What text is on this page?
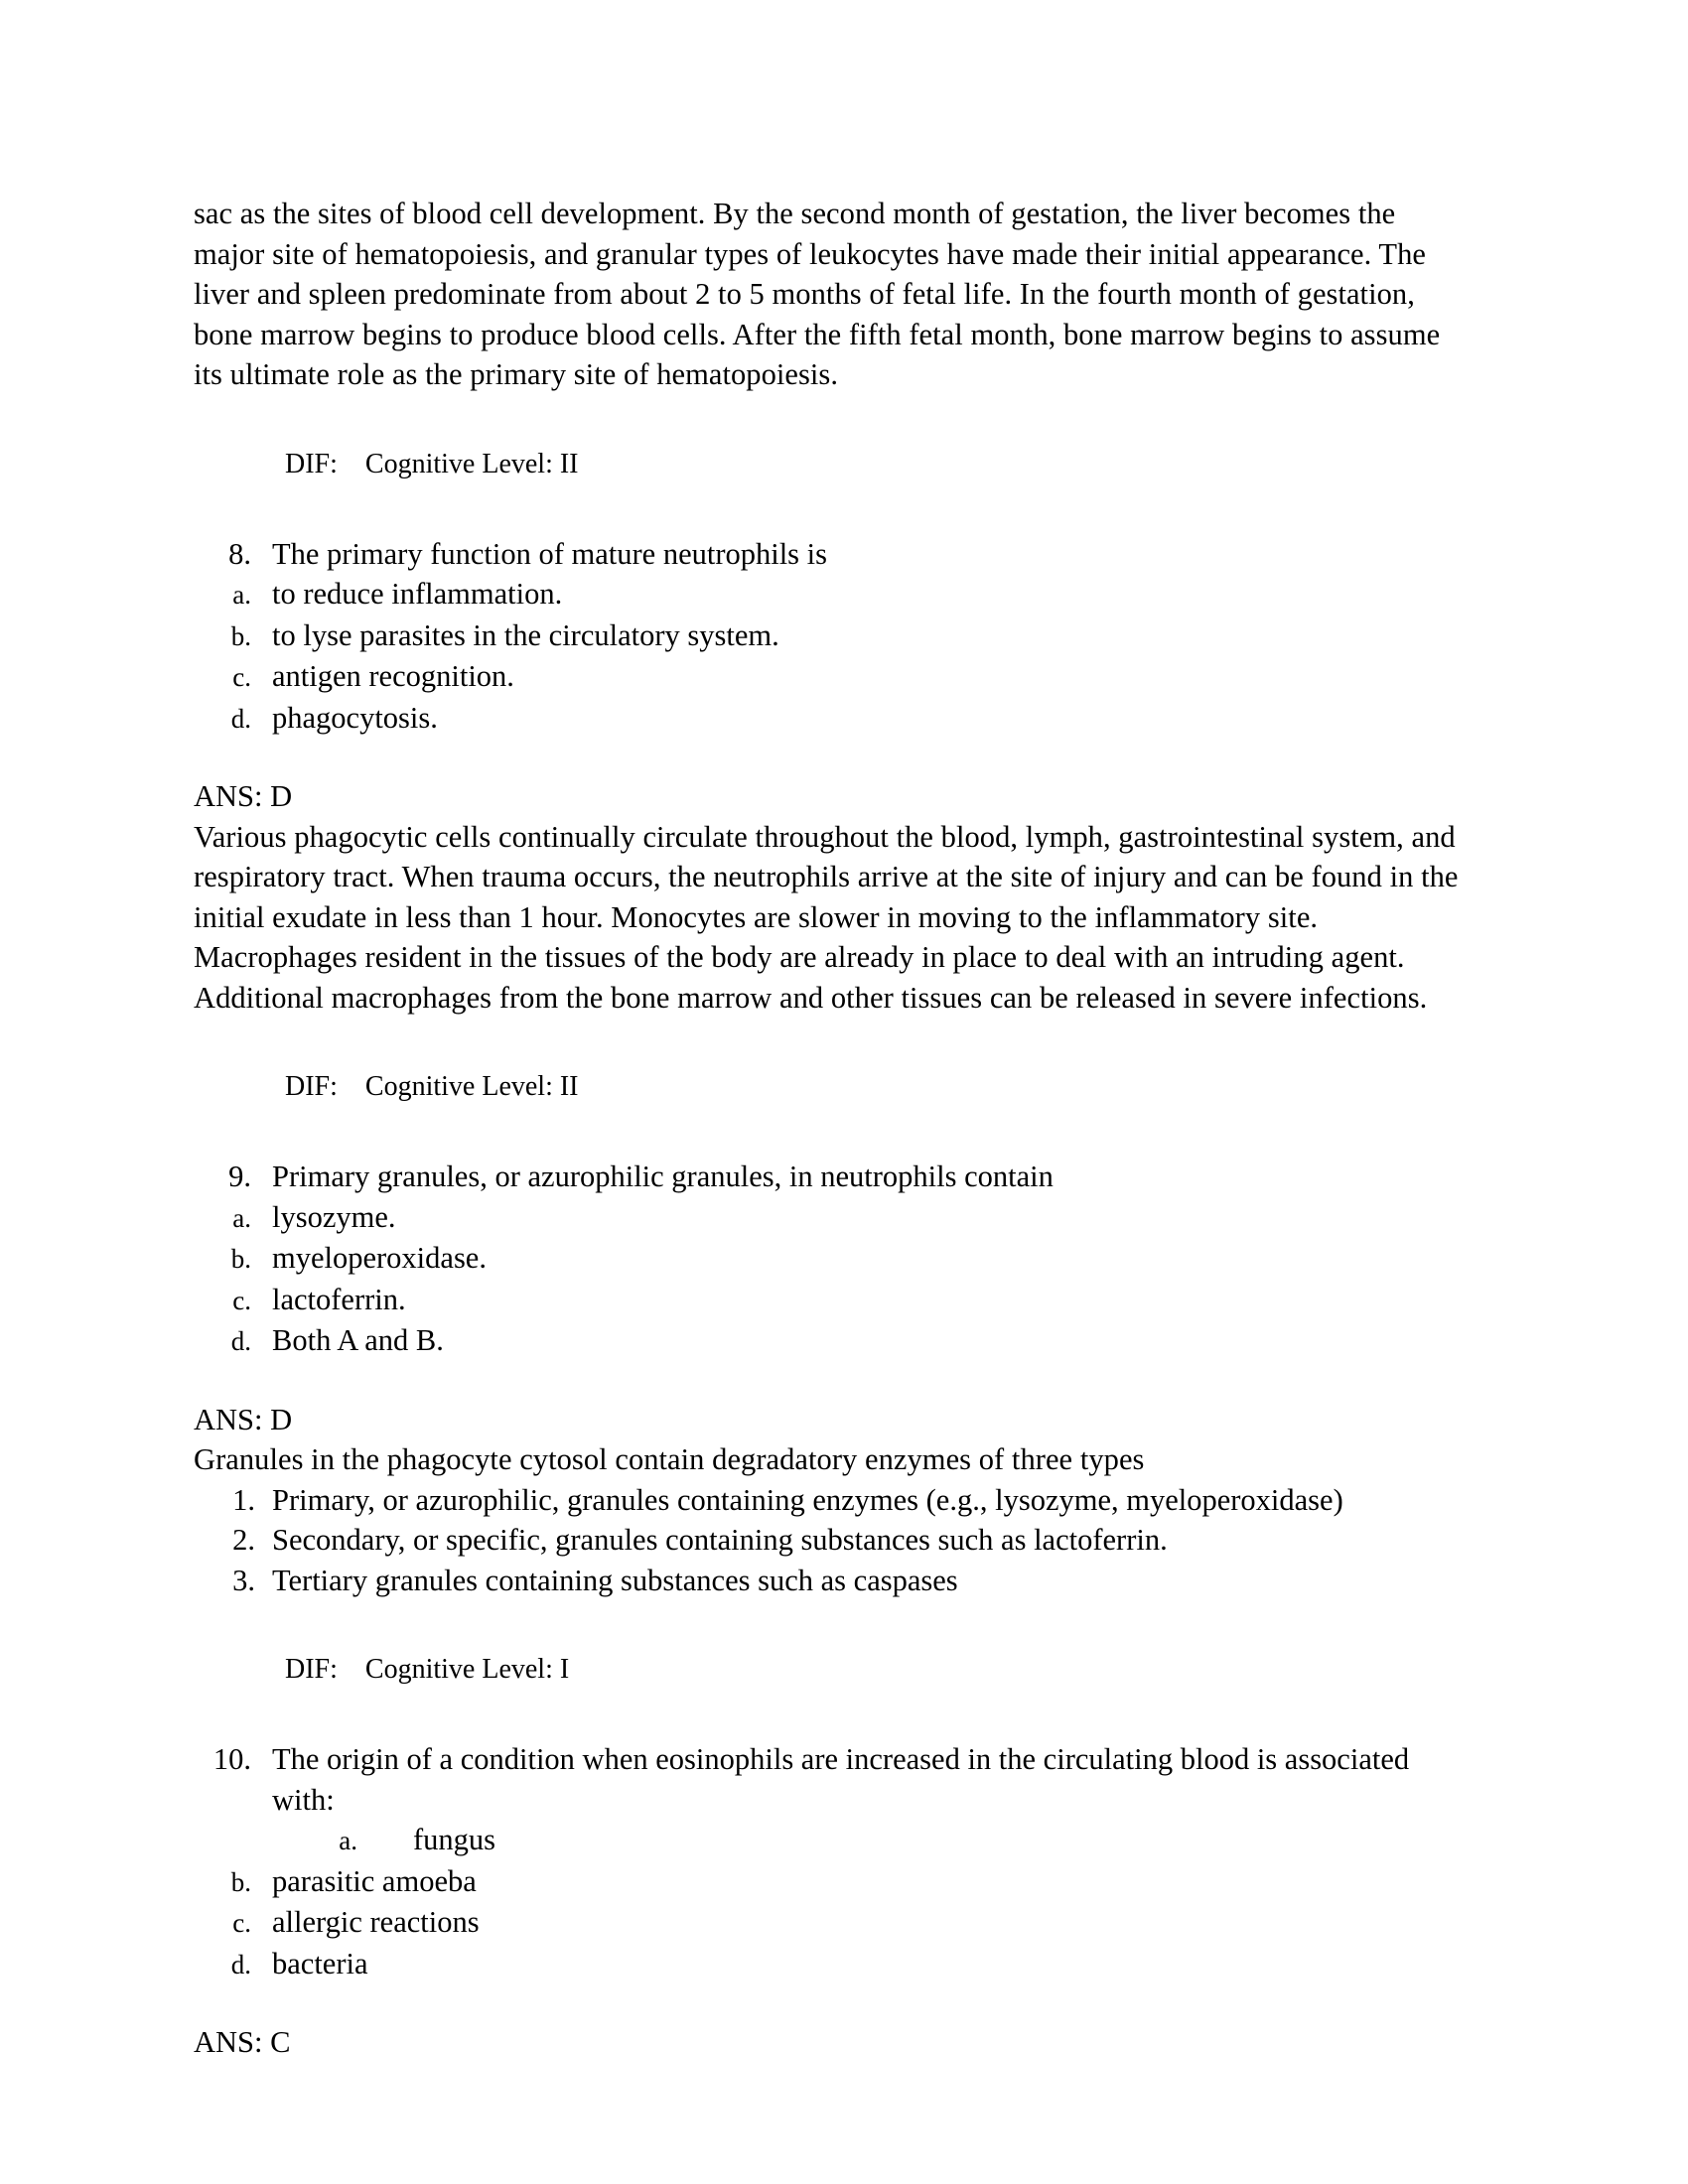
sac as the sites of blood cell development. By the second month of gestation, the liver becomes the major site of hematopoiesis, and granular types of leukocytes have made their initial appearance. The liver and spleen predominate from about 2 to 5 months of fetal life. In the fourth month of gestation, bone marrow begins to produce blood cells. After the fifth fetal month, bone marrow begins to assume its ultimate role as the primary site of hematopoiesis.

DIF:    Cognitive Level: II

8. The primary function of mature neutrophils is
a. to reduce inflammation.
b. to lyse parasites in the circulatory system.
c. antigen recognition.
d. phagocytosis.

ANS: D

Various phagocytic cells continually circulate throughout the blood, lymph, gastrointestinal system, and respiratory tract. When trauma occurs, the neutrophils arrive at the site of injury and can be found in the initial exudate in less than 1 hour. Monocytes are slower in moving to the inflammatory site. Macrophages resident in the tissues of the body are already in place to deal with an intruding agent. Additional macrophages from the bone marrow and other tissues can be released in severe infections.

DIF:    Cognitive Level: II

9. Primary granules, or azurophilic granules, in neutrophils contain
a. lysozyme.
b. myeloperoxidase.
c. lactoferrin.
d. Both A and B.

ANS: D

Granules in the phagocyte cytosol contain degradatory enzymes of three types

1. Primary, or azurophilic, granules containing enzymes (e.g., lysozyme, myeloperoxidase)
2. Secondary, or specific, granules containing substances such as lactoferrin.
3. Tertiary granules containing substances such as caspases

DIF:    Cognitive Level: I

10. The origin of a condition when eosinophils are increased in the circulating blood is associated with:
a.	fungus
b. parasitic amoeba
c. allergic reactions
d. bacteria

ANS: C
